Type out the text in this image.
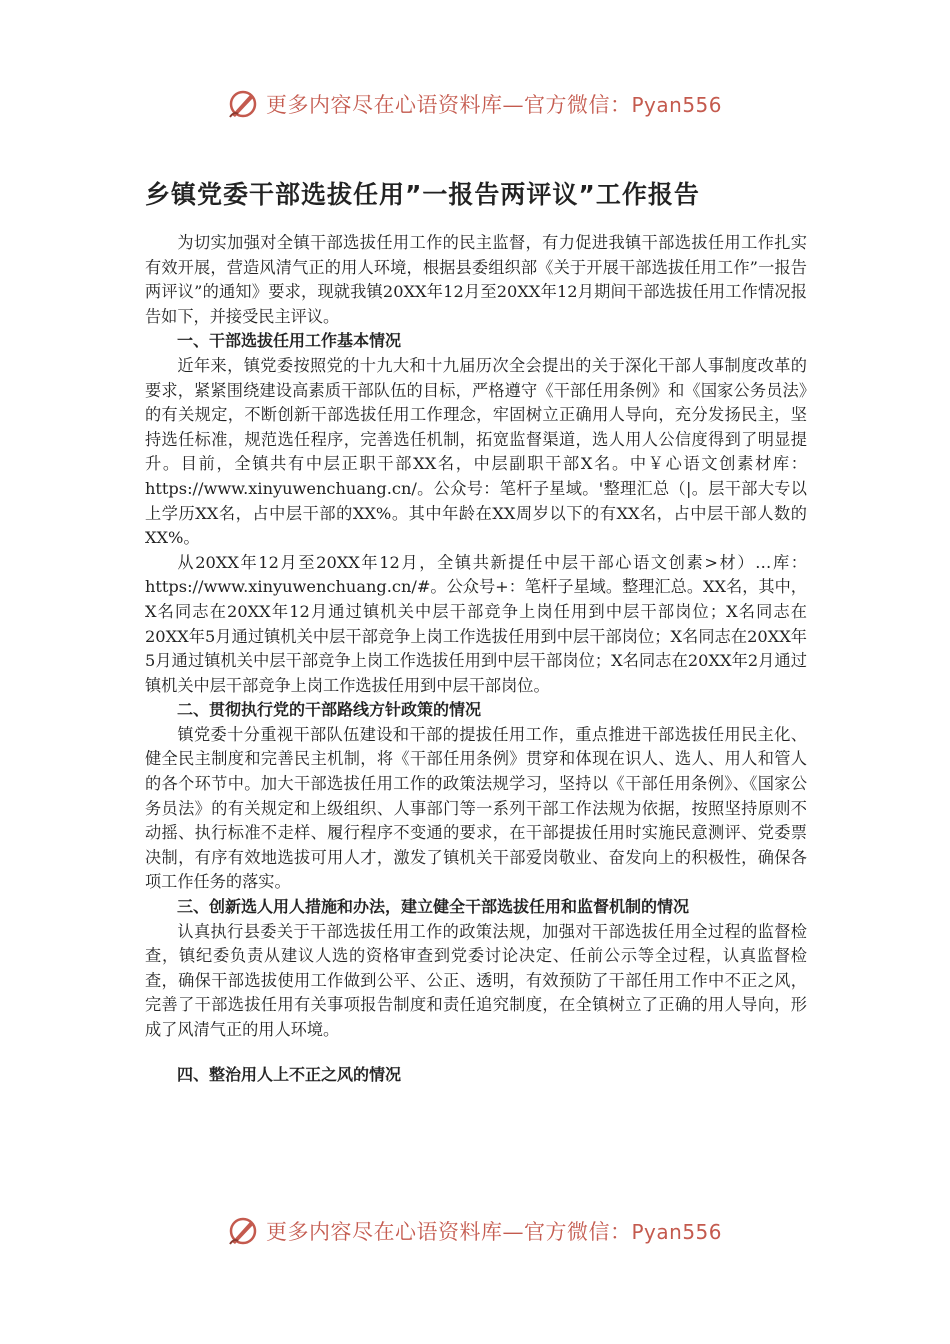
更多内容尽在心语资料库—官方微信：Pyan556
乡镇党委干部选拔任用”一报告两评议”工作报告

为切实加强对全镇干部选拔任用工作的民主监督，有力促进我镇干部选拔任用工作扎实有效开展，营造风清气正的用人环境，根据县委组织部《关于开展干部选拔任用工作”一报告两评议”的通知》要求，现就我镇20XX年12月至20XX年12月期间干部选拔任用工作情况报告如下，并接受民主评议。

一、干部选拔任用工作基本情况

近年来，镇党委按照党的十九大和十九届历次全会提出的关于深化干部人事制度改革的要求，紧紧围绕建设高素质干部队伍的目标，严格遵守《干部任用条例》和《国家公务员法》的有关规定，不断创新干部选拔任用工作理念，牢固树立正确用人导向，充分发扬民主，坚持选任标准，规范选任程序，完善选任机制，拓宽监督渠道，选人用人公信度得到了明显提升。目前，全镇共有中层正职干部XX名，中层副职干部X名。中￥心语文创素材库：https://www.xinyuwenchuang.cn/。公众号：笔杆子星域。'整理汇总（|。层干部大专以上学历XX名，占中层干部的XX%。其中年龄在XX周岁以下的有XX名，占中层干部人数的XX%。

从20XX年12月至20XX年12月，全镇共新提任中层干部心语文创素>材）…库：https://www.xinyuwenchuang.cn/#。公众号+：笔杆子星域。整理汇总。XX名，其中，X名同志在20XX年12月通过镇机关中层干部竞争上岗任用到中层干部岗位；X名同志在20XX年5月通过镇机关中层干部竞争上岗工作选拔任用到中层干部岗位；X名同志在20XX年5月通过镇机关中层干部竞争上岗工作选拔任用到中层干部岗位；X名同志在20XX年2月通过镇机关中层干部竞争上岗工作选拔任用到中层干部岗位。

二、贯彻执行党的干部路线方针政策的情况

镇党委十分重视干部队伍建设和干部的提拔任用工作，重点推进干部选拔任用民主化、健全民主制度和完善民主机制，将《干部任用条例》贯穿和体现在识人、选人、用人和管人的各个环节中。加大干部选拔任用工作的政策法规学习，坚持以《干部任用条例》、《国家公务员法》的有关规定和上级组织、人事部门等一系列干部工作法规为依据，按照坚持原则不动摇、执行标准不走样、履行程序不变通的要求，在干部提拔任用时实施民意测评、党委票决制，有序有效地选拔可用人才，激发了镇机关干部爱岗敬业、奋发向上的积极性，确保各项工作任务的落实。

三、创新选人用人措施和办法，建立健全干部选拔任用和监督机制的情况

认真执行县委关于干部选拔任用工作的政策法规，加强对干部选拔任用全过程的监督检查，镇纪委负责从建议人选的资格审查到党委讨论决定、任前公示等全过程，认真监督检查，确保干部选拔使用工作做到公平、公正、透明，有效预防了干部任用工作中不正之风，完善了干部选拔任用有关事项报告制度和责任追究制度，在全镇树立了正确的用人导向，形成了风清气正的用人环境。

四、整治用人上不正之风的情况

更多内容尽在心语资料库—官方微信：Pyan556
